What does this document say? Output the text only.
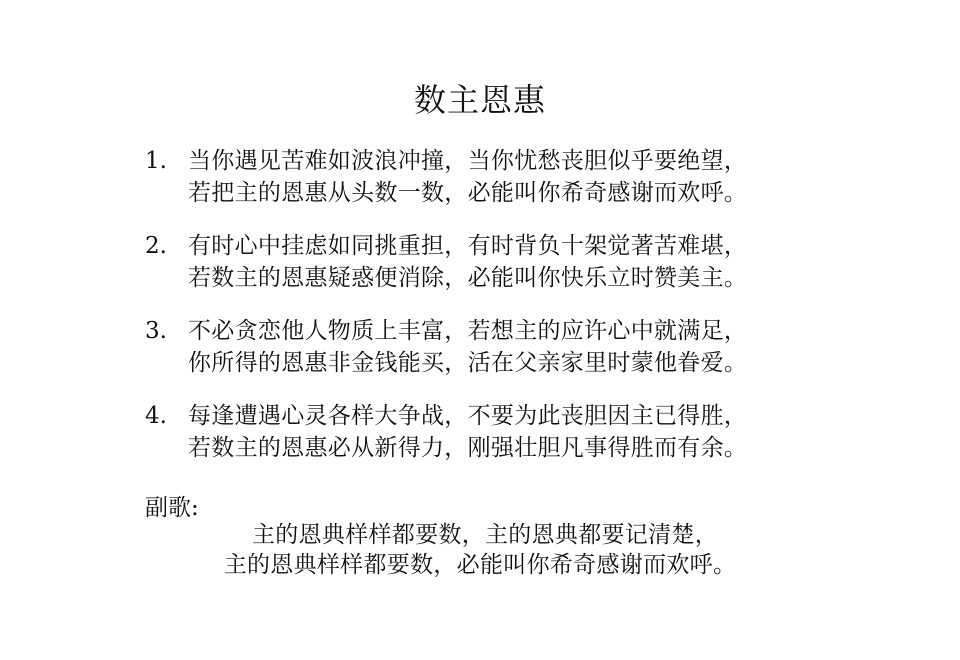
数主恩惠
1. 当你遇见苦难如波浪冲撞，当你忧愁丧胆似乎要绝望，
若把主的恩惠从头数一数，必能叫你希奇感谢而欢呼。
2. 有时心中挂虑如同挑重担，有时背负十架觉著苦难堪，
若数主的恩惠疑惑便消除，必能叫你快乐立时赞美主。
3. 不必贪恋他人物质上丰富，若想主的应许心中就满足，
你所得的恩惠非金钱能买，活在父亲家里时蒙他眷爱。
4. 每逢遭遇心灵各样大争战，不要为此丧胆因主已得胜，
若数主的恩惠必从新得力，刚强壮胆凡事得胜而有余。
副歌:
主的恩典样样都要数，主的恩典都要记清楚，
主的恩典样样都要数，必能叫你希奇感谢而欢呼。
